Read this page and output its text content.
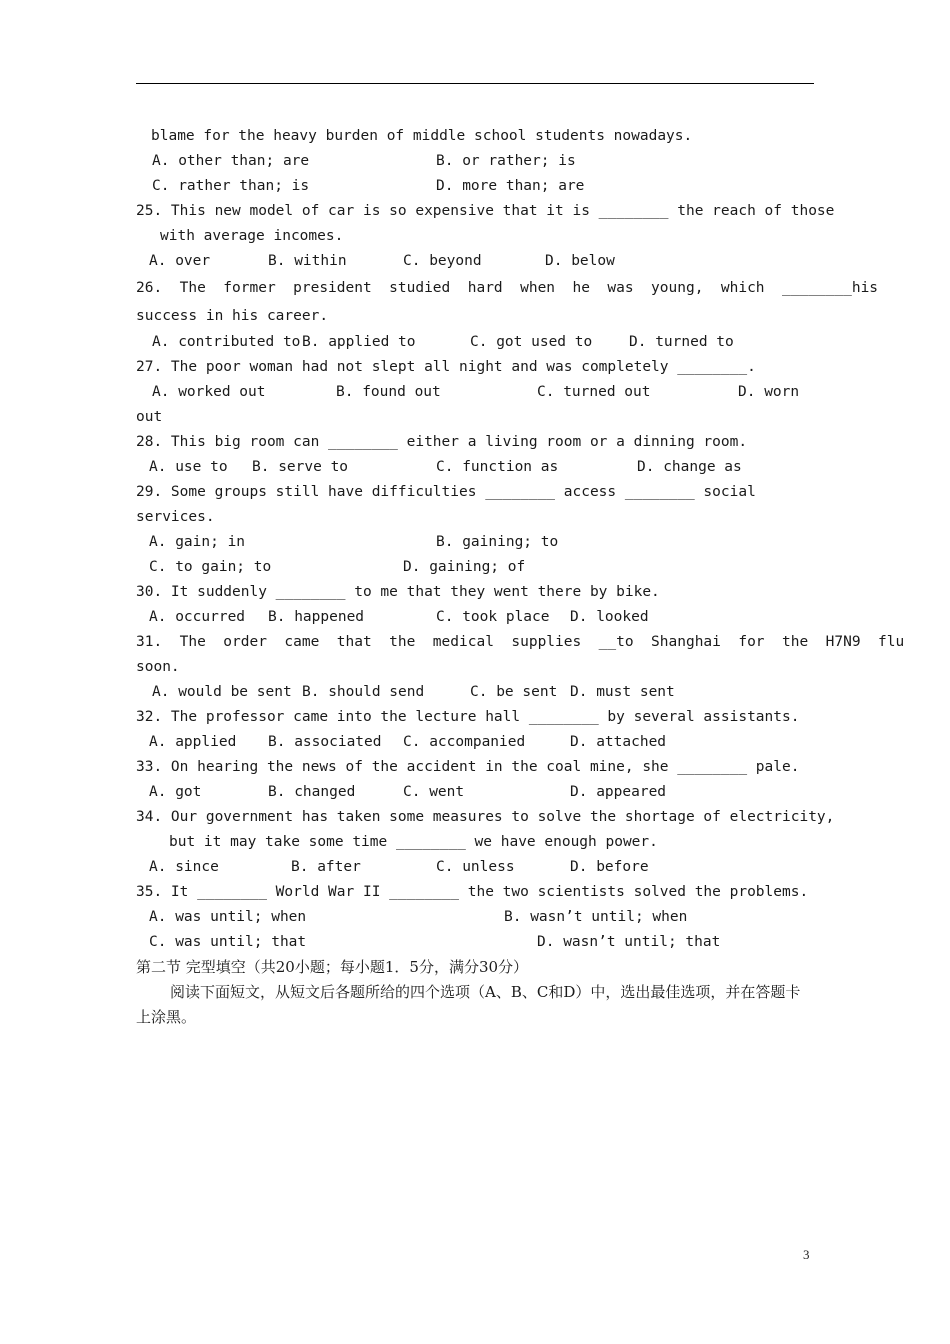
blame for the heavy burden of middle school students nowadays.

A. other than; are

	B. or rather; is

C. rather than; is

	D. more than; are

25. This new model of car is so expensive that it is ________ the reach of those
with average incomes.

A. over

	B. within

	C. beyond

	D. below

26.  The  former  president  studied  hard  when  he  was  young,  which  ________his
success in his career.

A. contributed to

B. applied to

	C. got used to

	D. turned to

27. The poor woman had not slept all night and was completely ________.

A. worked out

	B. found out

	C. turned out

	D. worn

out
28. This big room can ________ either a living room or a dinning room.

A. use to

B. serve to

	C. function as

	D. change as

29. Some groups still have difficulties ________ access ________ social
services.

A. gain; in

	B. gaining; to

C. to gain; to

	D. gaining; of

30. It suddenly ________ to me that they went there by bike.

A. occurred

B. happened

	C. took place

D. looked

31.  The  order  came  that  the  medical  supplies  __to  Shanghai  for  the  H7N9  flu
soon.

A. would be sent

B. should send

	C. be sent

D. must sent

32. The professor came into the lecture hall ________ by several assistants.

A. applied

B. associated

C. accompanied

	D. attached

33. On hearing the news of the accident in the coal mine, she ________ pale.

A. got

	B. changed

	C. went

	D. appeared

34. Our government has taken some measures to solve the shortage of electricity,
but it may take some time ________ we have enough power.

A. since

	B. after

	C. unless

	D. before

35. It ________ World War II ________ the two scientists solved the problems.

A. was until; when

	B. wasn’t until; when

C. was until; that

	D. wasn’t until; that

第二节 完型填空（共20小题；每小题1．5分，满分30分）
阅读下面短文，从短文后各题所给的四个选项（A、B、C和D）中，选出最佳选项，并在答题卡上涂黑。
3
